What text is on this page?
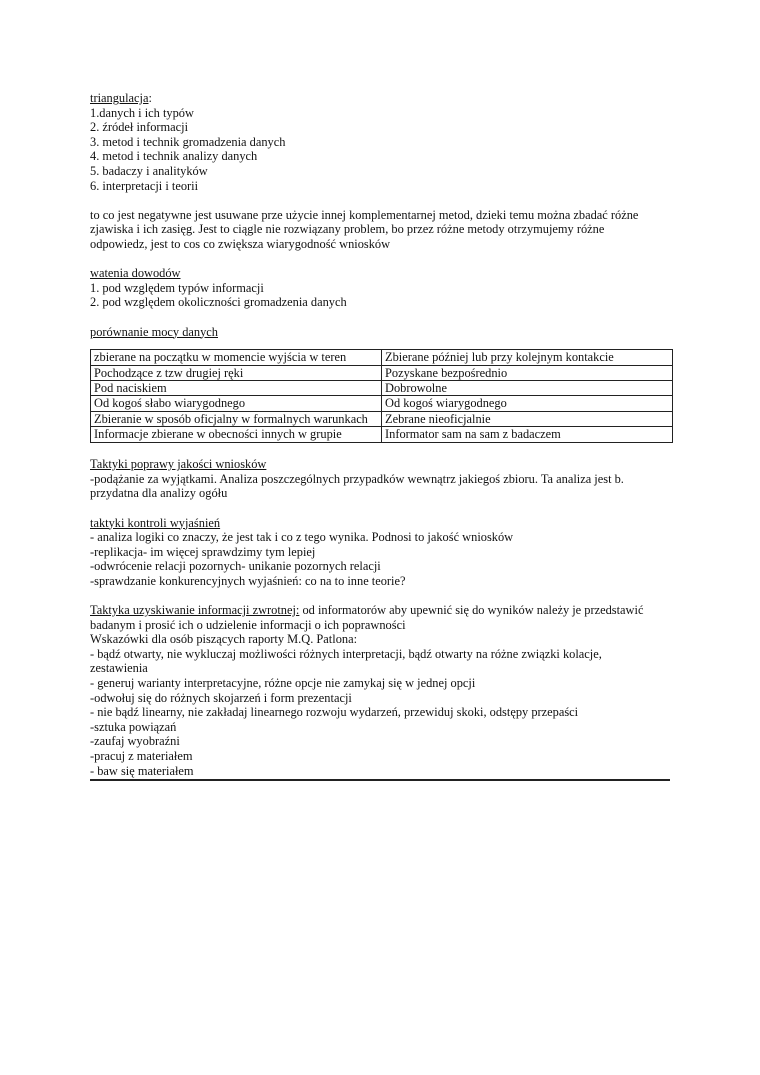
triangulacja:
1.danych i ich typów
2. źródeł informacji
3. metod i technik gromadzenia danych
4. metod i technik analizy danych
5. badaczy i analityków
6. interpretacji i teorii
to co jest negatywne jest usuwane prze użycie innej komplementarnej metod, dzieki temu można zbadać różne
zjawiska i ich zasięg. Jest to ciągle nie rozwiązany problem, bo przez różne metody otrzymujemy różne
odpowiedz, jest to cos co zwiększa wiarygodność wniosków
watenia dowodów
1. pod względem typów informacji
2. pod względem okoliczności gromadzenia danych
porównanie mocy danych
zbierane na początku w momencie wyjścia w teren	Zbierane później lub przy kolejnym kontakcie
Pochodzące z tzw drugiej ręki	Pozyskane bezpośrednio
Pod naciskiem	Dobrowolne
Od kogoś słabo wiarygodnego	Od kogoś wiarygodnego
Zbieranie w sposób oficjalny w formalnych warunkach	Zebrane nieoficjalnie
Informacje zbierane w obecności innych w grupie	Informator sam na sam z badaczem
Taktyki poprawy jakości wniosków
-podążanie za wyjątkami. Analiza poszczególnych przypadków wewnątrz jakiegoś zbioru. Ta analiza jest b.
przydatna dla analizy ogółu
taktyki kontroli wyjaśnień
- analiza logiki co znaczy, że jest tak i co z tego wynika. Podnosi to jakość wniosków
-replikacja- im więcej sprawdzimy tym lepiej
-odwrócenie relacji pozornych- unikanie pozornych relacji
-sprawdzanie konkurencyjnych wyjaśnień: co na to inne teorie?
Taktyka uzyskiwanie informacji zwrotnej: od informatorów aby upewnić się do wyników należy je przedstawić
badanym i prosić ich o udzielenie informacji o ich poprawności
Wskazówki dla osób piszących raporty M.Q. Patlona:
- bądź otwarty, nie wykluczaj możliwości różnych interpretacji, bądź otwarty na różne związki kolacje,
zestawienia
- generuj warianty interpretacyjne, różne opcje nie zamykaj się w jednej opcji
-odwołuj się do różnych skojarzeń i form prezentacji
- nie bądź linearny, nie zakładaj linearnego rozwoju wydarzeń, przewiduj skoki, odstępy przepaści
-sztuka powiązań
-zaufaj wyobraźni
-pracuj z materiałem
- baw się materiałem
